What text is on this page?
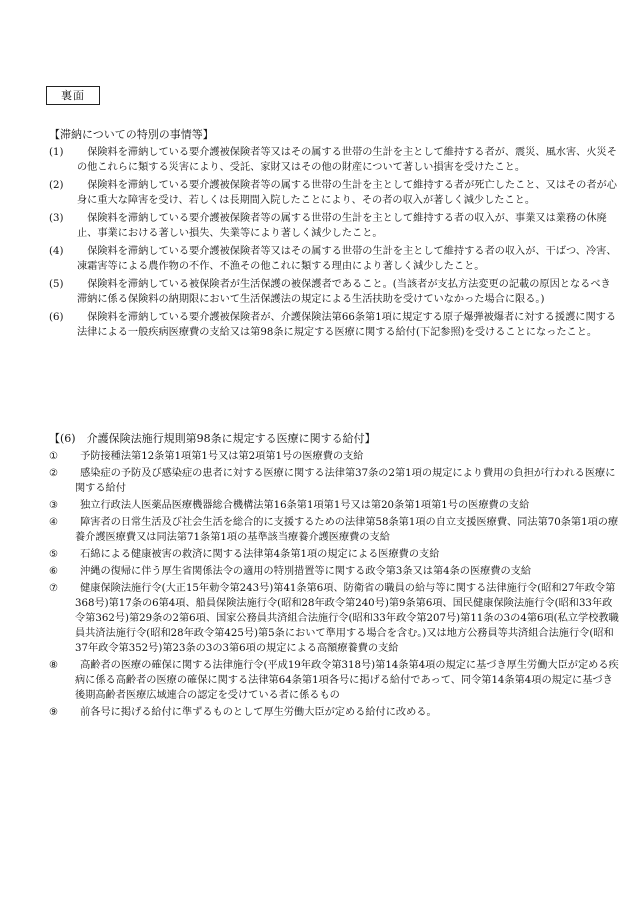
裏面
【滞納についての特別の事情等】
(1)	保険料を滞納している要介護被保険者等又はその属する世帯の生計を主として維持する者が、震災、風水害、火災その他これらに類する災害により、受託、家財又はその他の財産について著しい損害を受けたこと。
(2)	保険料を滞納している要介護被保険者等の属する世帯の生計を主として維持する者が死亡したこと、又はその者が心身に重大な障害を受け、若しくは長期間入院したことにより、その者の収入が著しく減少したこと。
(3)	保険料を滞納している要介護被保険者等の属する世帯の生計を主として維持する者の収入が、事業又は業務の休廃止、事業における著しい損失、失業等により著しく減少したこと。
(4)	保険料を滞納している要介護被保険者等又はその属する世帯の生計を主として維持する者の収入が、干ばつ、冷害、凍霜害等による農作物の不作、不漁その他これに類する理由により著しく減少したこと。
(5)	保険料を滞納している被保険者が生活保護の被保護者であること。(当該者が支払方法変更の記載の原因となるべき滞納に係る保険料の納期限において生活保護法の規定による生活扶助を受けていなかった場合に限る。)
(6)	保険料を滞納している要介護被保険者が、介護保険法第66条第1項に規定する原子爆弾被爆者に対する援護に関する法律による一般疾病医療費の支給又は第98条に規定する医療に関する給付(下記参照)を受けることになったこと。
【(6)　介護保険法施行規則第98条に規定する医療に関する給付】
①	予防接種法第12条第1項第1号又は第2項第1号の医療費の支給
②	感染症の予防及び感染症の患者に対する医療に関する法律第37条の2第1項の規定により費用の負担が行われる医療に関する給付
③	独立行政法人医薬品医療機器総合機構法第16条第1項第1号又は第20条第1項第1号の医療費の支給
④	障害者の日常生活及び社会生活を総合的に支援するための法律第58条第1項の自立支援医療費、同法第70条第1項の療養介護医療費又は同法第71条第1項の基準該当療養介護医療費の支給
⑤	石綿による健康被害の救済に関する法律第4条第1項の規定による医療費の支給
⑥	沖縄の復帰に伴う厚生省関係法令の適用の特別措置等に関する政令第3条又は第4条の医療費の支給
⑦	健康保険法施行令(大正15年勅令第243号)第41条第6項、防衛省の職員の給与等に関する法律施行令(昭和27年政令第368号)第17条の6第4項、船員保険法施行令(昭和28年政令第240号)第9条第6項、国民健康保険法施行令(昭和33年政令第362号)第29条の2第6項、国家公務員共済組合法施行令(昭和33年政令第207号)第11条の3の4第6項(私立学校教職員共済法施行令(昭和28年政令第425号)第5条において準用する場合を含む。)又は地方公務員等共済組合法施行令(昭和37年政令第352号)第23条の3の3第6項の規定による高額療養費の支給
⑧	高齢者の医療の確保に関する法律施行令(平成19年政令第318号)第14条第4項の規定に基づき厚生労働大臣が定める疾病に係る高齢者の医療の確保に関する法律第64条第1項各号に掲げる給付であって、同令第14条第4項の規定に基づき後期高齢者医療広域連合の認定を受けている者に係るもの
⑨	前各号に掲げる給付に準ずるものとして厚生労働大臣が定める給付に改める。
